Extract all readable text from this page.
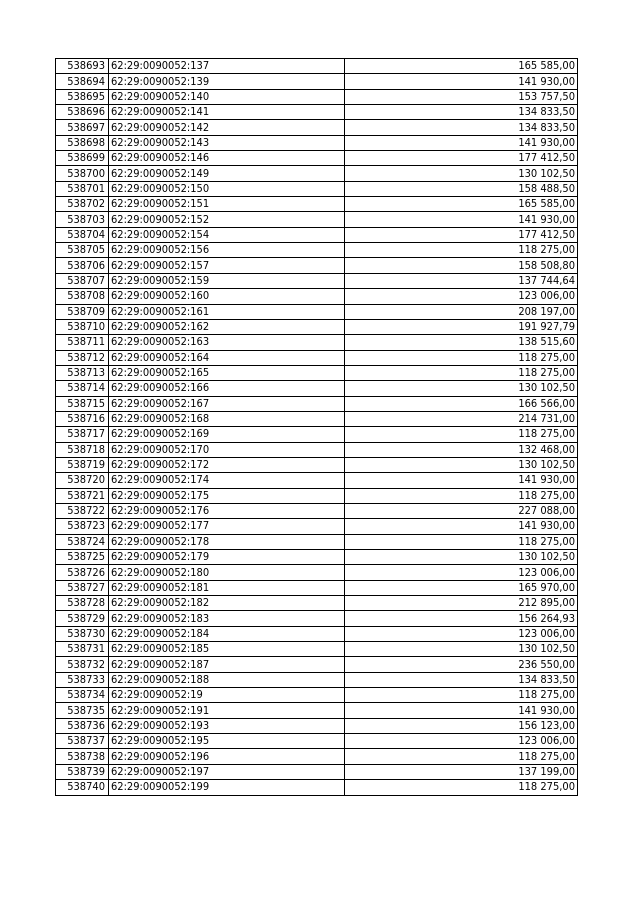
538693	62:29:0090052:137	165 585,00
538694	62:29:0090052:139	141 930,00
538695	62:29:0090052:140	153 757,50
538696	62:29:0090052:141	134 833,50
538697	62:29:0090052:142	134 833,50
538698	62:29:0090052:143	141 930,00
538699	62:29:0090052:146	177 412,50
538700	62:29:0090052:149	130 102,50
538701	62:29:0090052:150	158 488,50
538702	62:29:0090052:151	165 585,00
538703	62:29:0090052:152	141 930,00
538704	62:29:0090052:154	177 412,50
538705	62:29:0090052:156	118 275,00
538706	62:29:0090052:157	158 508,80
538707	62:29:0090052:159	137 744,64
538708	62:29:0090052:160	123 006,00
538709	62:29:0090052:161	208 197,00
538710	62:29:0090052:162	191 927,79
538711	62:29:0090052:163	138 515,60
538712	62:29:0090052:164	118 275,00
538713	62:29:0090052:165	118 275,00
538714	62:29:0090052:166	130 102,50
538715	62:29:0090052:167	166 566,00
538716	62:29:0090052:168	214 731,00
538717	62:29:0090052:169	118 275,00
538718	62:29:0090052:170	132 468,00
538719	62:29:0090052:172	130 102,50
538720	62:29:0090052:174	141 930,00
538721	62:29:0090052:175	118 275,00
538722	62:29:0090052:176	227 088,00
538723	62:29:0090052:177	141 930,00
538724	62:29:0090052:178	118 275,00
538725	62:29:0090052:179	130 102,50
538726	62:29:0090052:180	123 006,00
538727	62:29:0090052:181	165 970,00
538728	62:29:0090052:182	212 895,00
538729	62:29:0090052:183	156 264,93
538730	62:29:0090052:184	123 006,00
538731	62:29:0090052:185	130 102,50
538732	62:29:0090052:187	236 550,00
538733	62:29:0090052:188	134 833,50
538734	62:29:0090052:19	118 275,00
538735	62:29:0090052:191	141 930,00
538736	62:29:0090052:193	156 123,00
538737	62:29:0090052:195	123 006,00
538738	62:29:0090052:196	118 275,00
538739	62:29:0090052:197	137 199,00
538740	62:29:0090052:199	118 275,00
